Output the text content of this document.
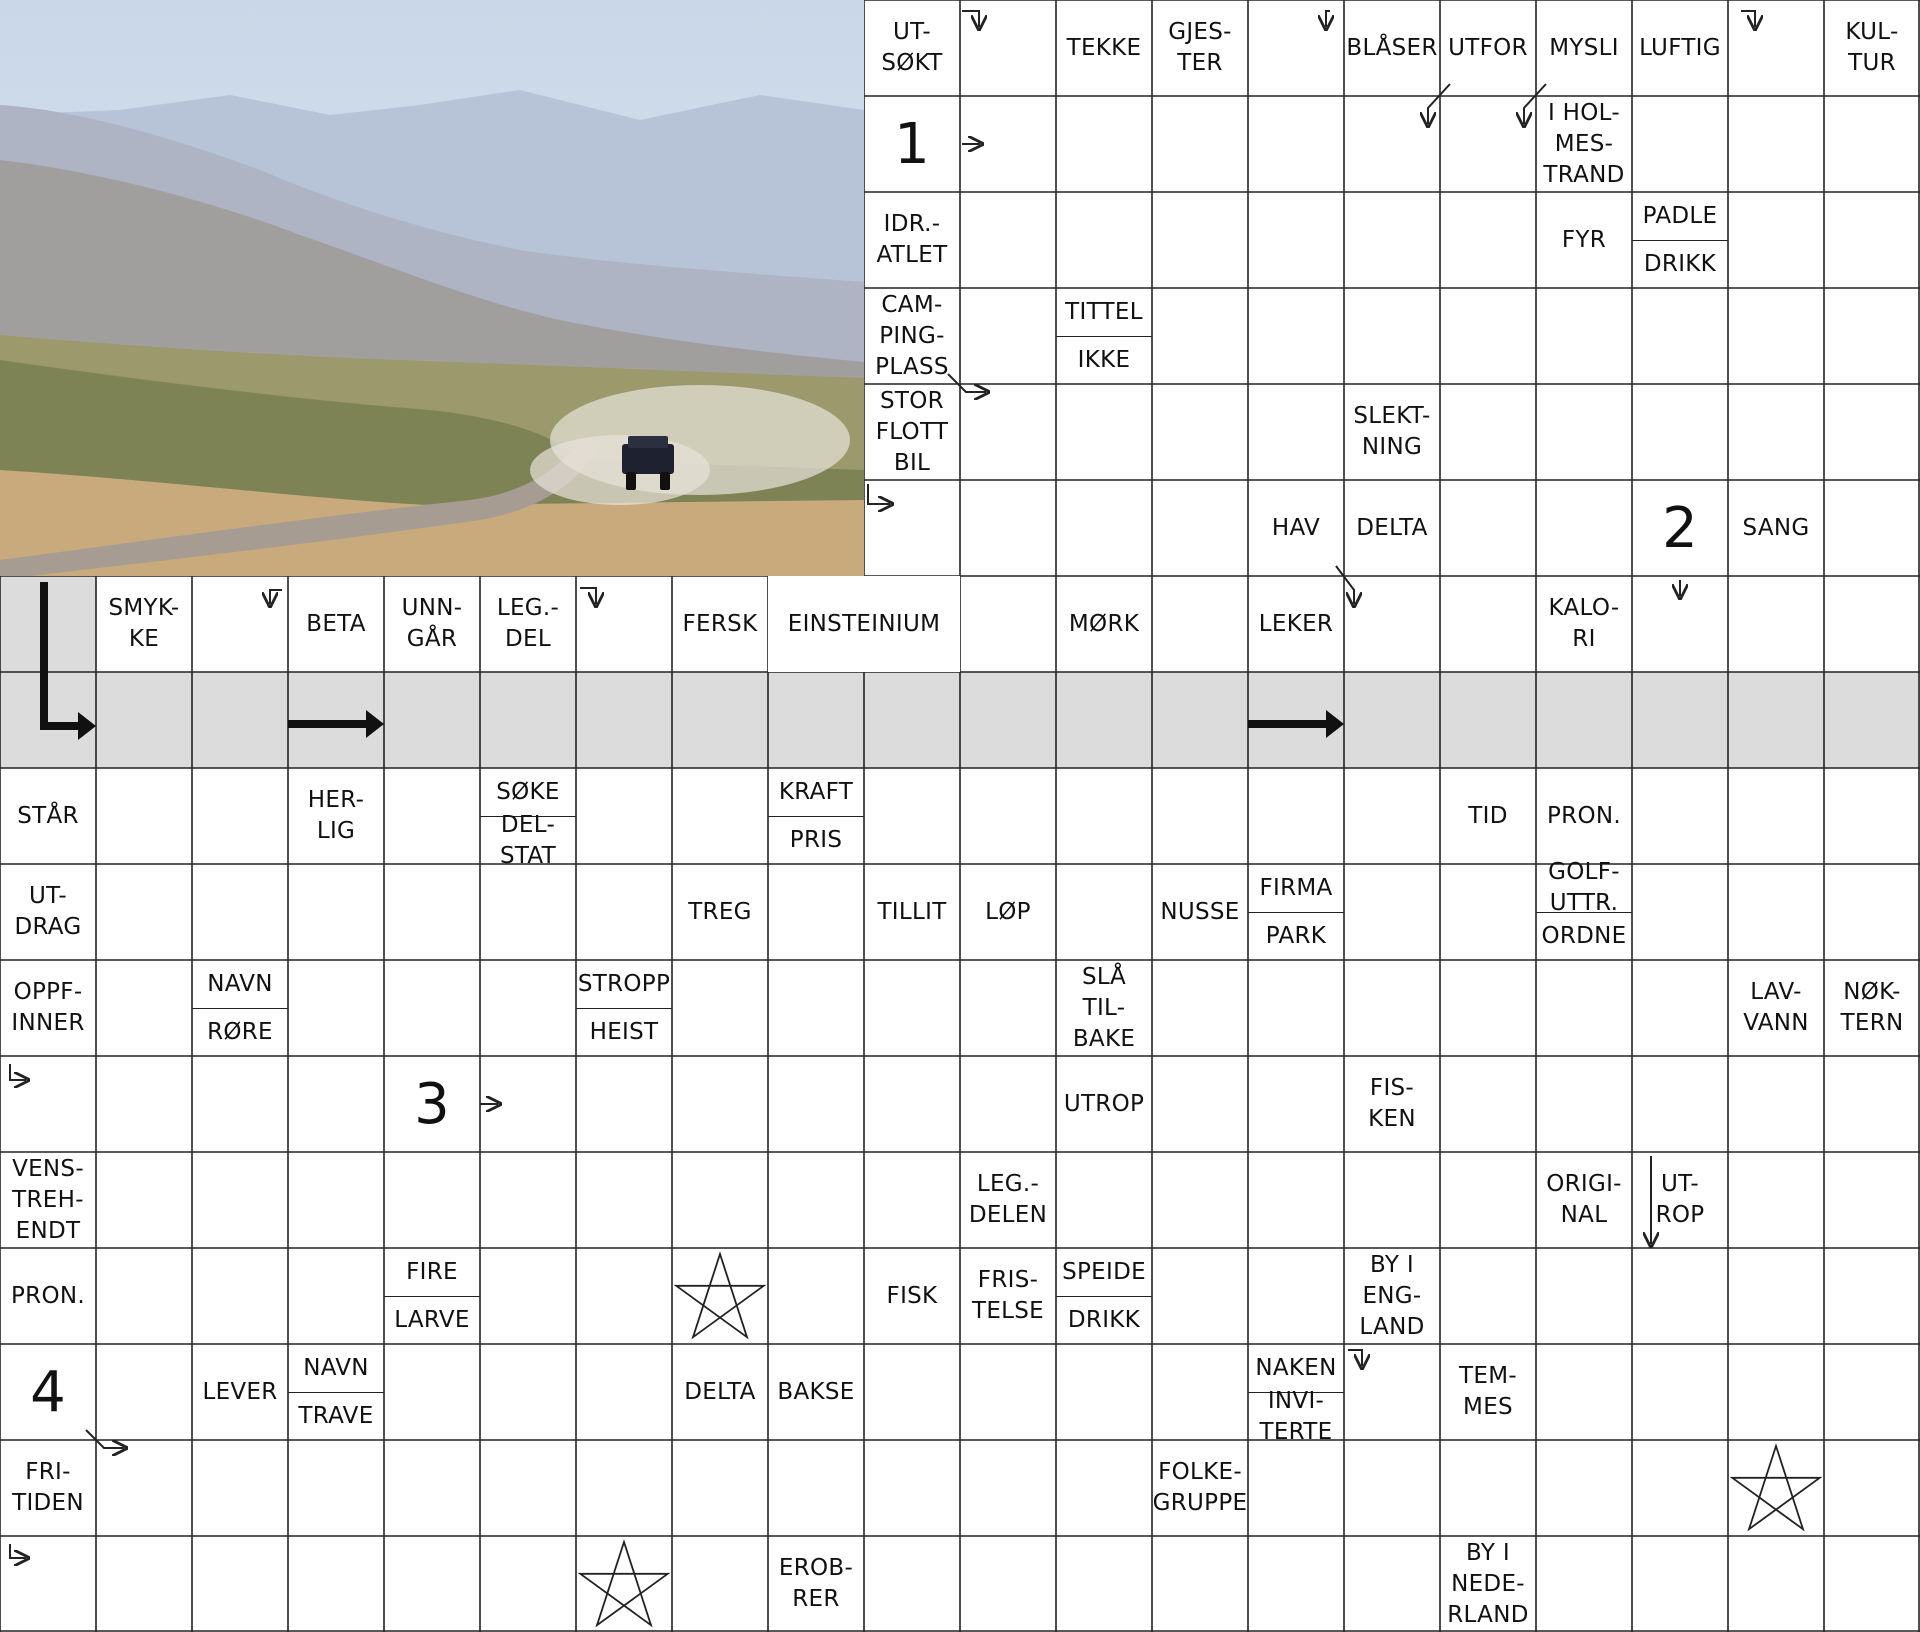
UT-
SØKT
TEKKE
GJES-
TER
BLÅSER UTFOR MYSLI LUFTIG
KUL-
TUR
I HOL-
MES-
TRAND
IDR.-
ATLET
FYR
PADLE
DRIKK
CAM-
PING-
PLASS
TITTEL
IKKE
STOR
FLOTT
BIL
SLEKT-
NING
HAV	DELTA	SANG
SMYK-
KE
BETA
UNN-
GÅR
LEG.-
DEL
FERSK	EINSTEINIUM	MØRK	LEKER
KALO-
RI
STÅR
HER-
LIG
SØKE
DEL-
STAT
KRAFT
PRIS
TID	PRON.
UT-
DRAG
TREG	TILLIT	LØP	NUSSE
FIRMA
PARK
GOLF-
UTTR.
ORDNE
OPPF-
INNER
NAVN
RØRE
STROPP
HEIST
SLÅ
TIL-
BAKE
LAV-
VANN
NØK-
TERN
UTROP
FIS-
KEN
VENS-
TREH-
ENDT
LEG.-
DELEN
ORIGI-
NAL
UT-
ROP
PRON.
FIRE
LARVE
FISK
FRIS-
TELSE
SPEIDE
DRIKK
BY I
ENG-
LAND
LEVER
NAVN
TRAVE
DELTA BAKSE
NAKEN
INVI-
TERTE
TEM-
MES
FRI-
TIDEN
FOLKE-
GRUPPE
EROB-
RER
BY I
NEDE-
RLAND
1
2
3
4
